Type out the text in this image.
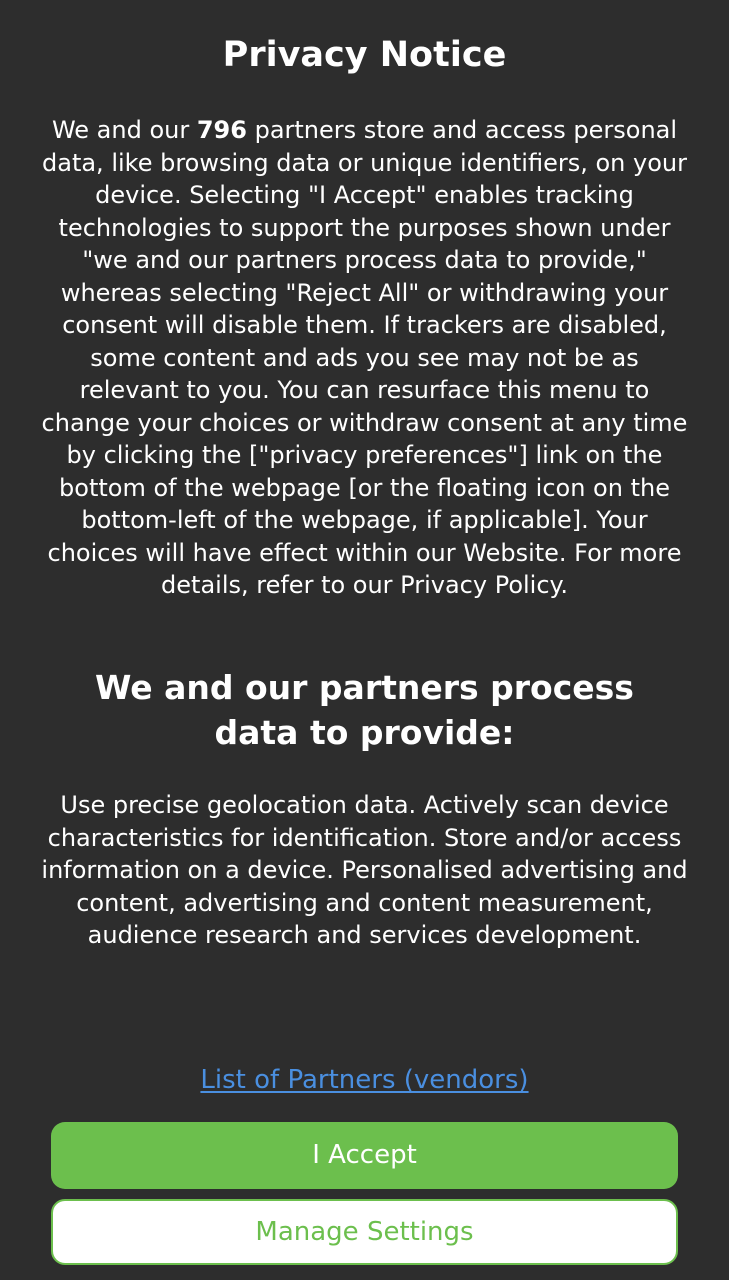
Privacy Notice

We and our 796 partners store and access personal data, like browsing data or unique identifiers, on your device. Selecting "I Accept" enables tracking technologies to support the purposes shown under "we and our partners process data to provide," whereas selecting "Reject All" or withdrawing your consent will disable them. If trackers are disabled, some content and ads you see may not be as relevant to you. You can resurface this menu to change your choices or withdraw consent at any time by clicking the ["privacy preferences"] link on the bottom of the webpage [or the floating icon on the bottom-left of the webpage, if applicable]. Your choices will have effect within our Website. For more details, refer to our Privacy Policy.

We and our partners process data to provide:

Use precise geolocation data. Actively scan device characteristics for identification. Store and/or access information on a device. Personalised advertising and content, advertising and content measurement, audience research and services development.

List of Partners (vendors)
I Accept
Manage Settings
